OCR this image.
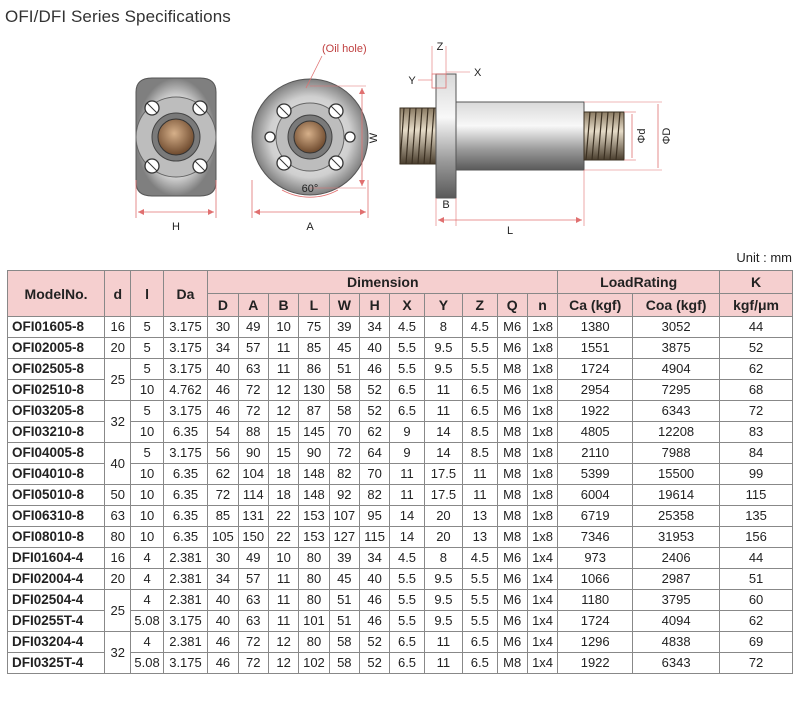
OFI/DFI Series Specifications
H
(Oil hole)
W
60°
A
Z
Y
X
Φd ΦD
B
L
Unit : mm
ModelNo.	d	l	Da	Dimension											LoadRating		K
				D	A	B	L	W	H	X	Y	Z	Q	n	Ca (kgf)	Coa (kgf)	kgf/μm
OFI01605-8	16	5	3.175	30	49	10	75	39	34	4.5	8	4.5	M6	1x8	1380	3052	44
OFI02005-8	20	5	3.175	34	57	11	85	45	40	5.5	9.5	5.5	M6	1x8	1551	3875	52
OFI02505-8	25	5	3.175	40	63	11	86	51	46	5.5	9.5	5.5	M8	1x8	1724	4904	62
OFI02510-8		10	4.762	46	72	12	130	58	52	6.5	11	6.5	M6	1x8	2954	7295	68
OFI03205-8	32	5	3.175	46	72	12	87	58	52	6.5	11	6.5	M6	1x8	1922	6343	72
OFI03210-8		10	6.35	54	88	15	145	70	62	9	14	8.5	M8	1x8	4805	12208	83
OFI04005-8	40	5	3.175	56	90	15	90	72	64	9	14	8.5	M8	1x8	2110	7988	84
OFI04010-8		10	6.35	62	104	18	148	82	70	11	17.5	11	M8	1x8	5399	15500	99
OFI05010-8	50	10	6.35	72	114	18	148	92	82	11	17.5	11	M8	1x8	6004	19614	115
OFI06310-8	63	10	6.35	85	131	22	153	107	95	14	20	13	M8	1x8	6719	25358	135
OFI08010-8	80	10	6.35	105	150	22	153	127	115	14	20	13	M8	1x8	7346	31953	156
DFI01604-4	16	4	2.381	30	49	10	80	39	34	4.5	8	4.5	M6	1x4	973	2406	44
DFI02004-4	20	4	2.381	34	57	11	80	45	40	5.5	9.5	5.5	M6	1x4	1066	2987	51
DFI02504-4	25	4	2.381	40	63	11	80	51	46	5.5	9.5	5.5	M6	1x4	1180	3795	60
DFI0255T-4		5.08	3.175	40	63	11	101	51	46	5.5	9.5	5.5	M6	1x4	1724	4094	62
DFI03204-4	32	4	2.381	46	72	12	80	58	52	6.5	11	6.5	M6	1x4	1296	4838	69
DFI0325T-4		5.08	3.175	46	72	12	102	58	52	6.5	11	6.5	M8	1x4	1922	6343	72
